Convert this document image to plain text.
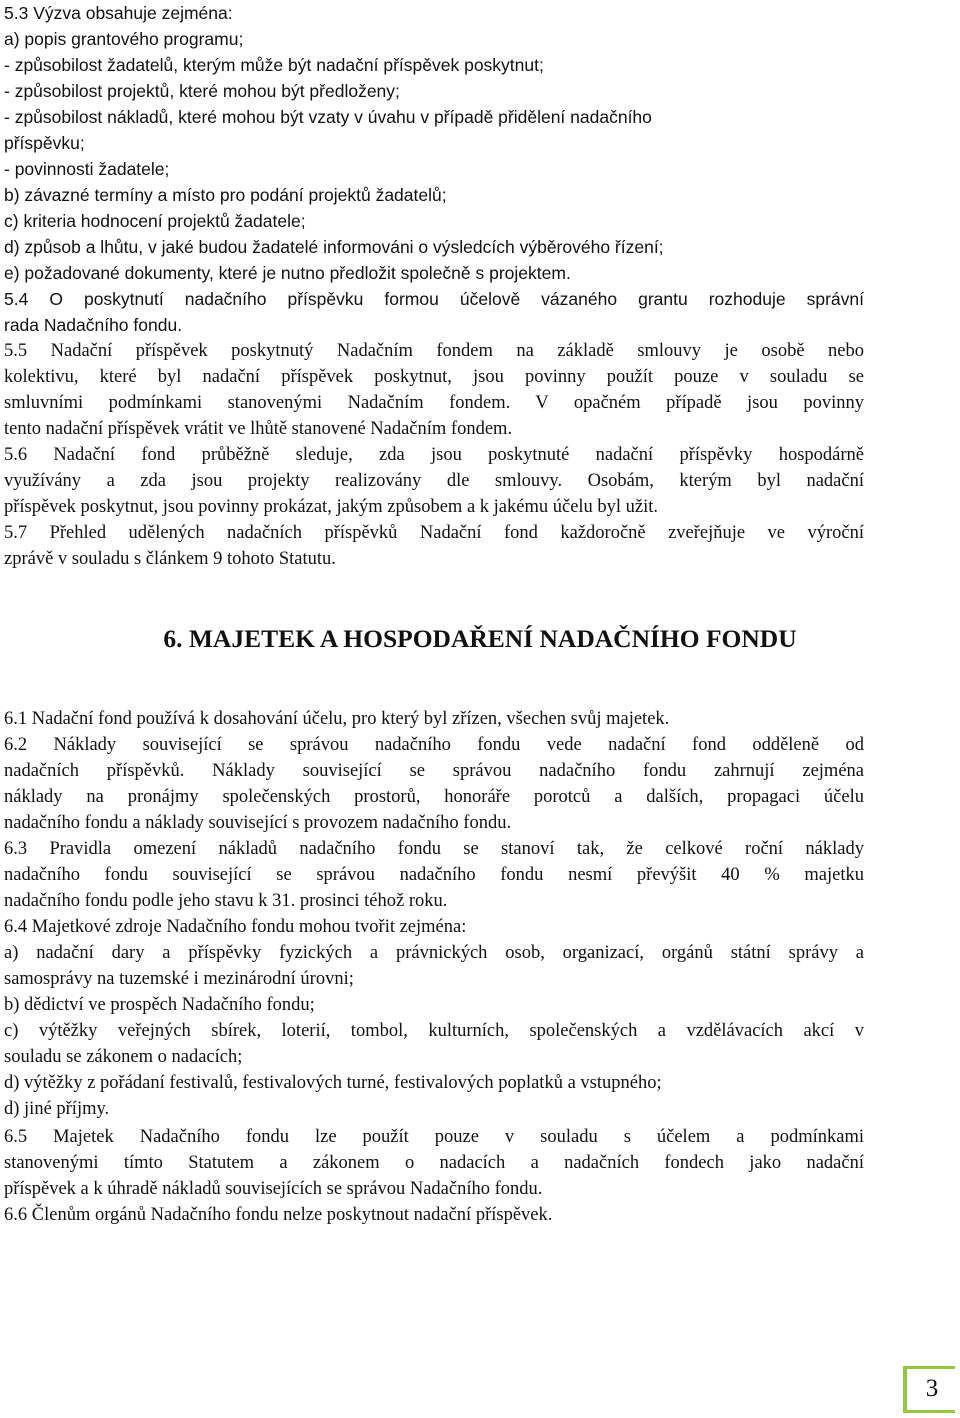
5.3 Výzva obsahuje zejména:
a) popis grantového programu;
- způsobilost žadatelů, kterým může být nadační příspěvek poskytnut;
- způsobilost projektů, které mohou být předloženy;
- způsobilost nákladů, které mohou být vzaty v úvahu v případě přidělení nadačního
příspěvku;
- povinnosti žadatele;
b) závazné termíny a místo pro podání projektů žadatelů;
c) kriteria hodnocení projektů žadatele;
d) způsob a lhůtu, v jaké budou žadatelé informováni o výsledcích výběrového řízení;
e) požadované dokumenty, které je nutno předložit společně s projektem.
5.4 O poskytnutí nadačního příspěvku formou účelově vázaného grantu rozhoduje správní
rada Nadačního fondu.
5.5 Nadační příspěvek poskytnutý Nadačním fondem na základě smlouvy je osobě nebo
kolektivu, které byl nadační příspěvek poskytnut, jsou povinny použít pouze v souladu se
smluvními podmínkami stanovenými Nadačním fondem. V opačném případě jsou povinny
tento nadační příspěvek vrátit ve lhůtě stanovené Nadačním fondem.
5.6 Nadační fond průběžně sleduje, zda jsou poskytnuté nadační příspěvky hospodárně
využívány a zda jsou projekty realizovány dle smlouvy. Osobám, kterým byl nadační
příspěvek poskytnut, jsou povinny prokázat, jakým způsobem a k jakému účelu byl užit.
5.7 Přehled udělených nadačních příspěvků Nadační fond každoročně zveřejňuje ve výroční
zprávě v souladu s článkem 9 tohoto Statutu.
6. MAJETEK A HOSPODAŘENÍ NADAČNÍHO FONDU
6.1 Nadační fond používá k dosahování účelu, pro který byl zřízen, všechen svůj majetek.
6.2 Náklady související se správou nadačního fondu vede nadační fond odděleně od
nadačních příspěvků. Náklady související se správou nadačního fondu zahrnují zejména
náklady na pronájmy společenských prostorů, honoráře porotců a dalších, propagaci účelu
nadačního fondu a náklady související s provozem nadačního fondu.
6.3 Pravidla omezení nákladů nadačního fondu se stanoví tak, že celkové roční náklady
nadačního fondu související se správou nadačního fondu nesmí převýšit 40 % majetku
nadačního fondu podle jeho stavu k 31. prosinci téhož roku.
6.4 Majetkové zdroje Nadačního fondu mohou tvořit zejména:
a) nadační dary a příspěvky fyzických a právnických osob, organizací, orgánů státní správy a
samosprávy na tuzemské i mezinárodní úrovni;
b) dědictví ve prospěch Nadačního fondu;
c) výtěžky veřejných sbírek, loterií, tombol, kulturních, společenských a vzdělávacích akcí v
souladu se zákonem o nadacích;
d) výtěžky z pořádaní festivalů, festivalových turné, festivalových poplatků a vstupného;
d) jiné příjmy.
6.5 Majetek Nadačního fondu lze použít pouze v souladu s účelem a podmínkami
stanovenými tímto Statutem a zákonem o nadacích a nadačních fondech jako nadační
příspěvek a k úhradě nákladů souvisejících se správou Nadačního fondu.
6.6 Členům orgánů Nadačního fondu nelze poskytnout nadační příspěvek.
3
